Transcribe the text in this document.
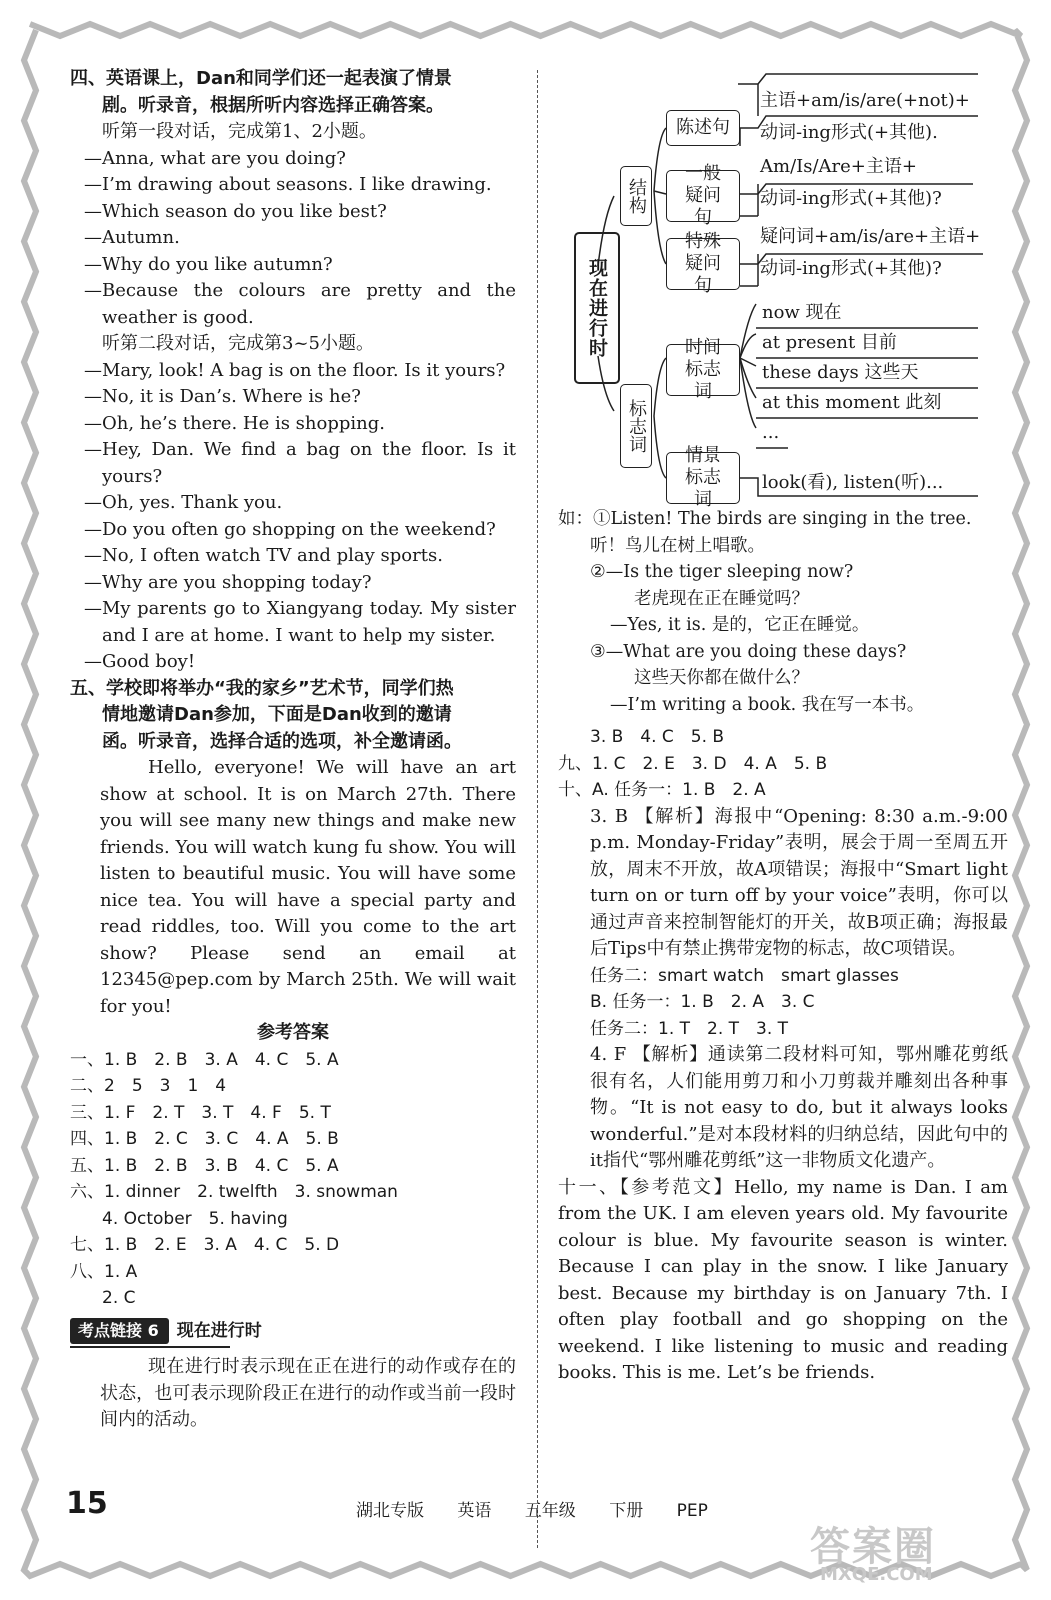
四、英语课上，Dan和同学们还一起表演了情景

剧。听录音，根据所听内容选择正确答案。

听第一段对话，完成第1、2小题。

—Anna, what are you doing?

—I’m drawing about seasons. I like drawing.

—Which season do you like best?

—Autumn.

—Why do you like autumn?

—Because the colours are pretty and the weather is good.

听第二段对话，完成第3~5小题。

—Mary, look! A bag is on the floor. Is it yours?

—No, it is Dan’s. Where is he?

—Oh, he’s there. He is shopping.

—Hey, Dan. We find a bag on the floor. Is it yours?

—Oh, yes. Thank you.

—Do you often go shopping on the weekend?

—No, I often watch TV and play sports.

—Why are you shopping today?

—My parents go to Xiangyang today. My sister and I are at home. I want to help my sister.

—Good boy!

五、学校即将举办“我的家乡”艺术节，同学们热

情地邀请Dan参加，下面是Dan收到的邀请

函。听录音，选择合适的选项，补全邀请函。

Hello, everyone! We will have an art show at school. It is on March 27th. There you will see many new things and make new friends. You will watch kung fu show. You will listen to beautiful music. You will have some nice tea. You will have a special party and read riddles, too. Will you come to the art show? Please send an email at 12345@pep.com by March 25th. We will wait for you!

参考答案

一、1. B　2. B　3. A　4. C　5. A

二、2　5　3　1　4

三、1. F　2. T　3. T　4. F　5. T

四、1. B　2. C　3. C　4. A　5. B

五、1. B　2. B　3. B　4. C　5. A

六、1. dinner　2. twelfth　3. snowman

4. October　5. having

七、1. B　2. E　3. A　4. C　5. D

八、1. A

2. C

考点链接 6	现在进行时

现在进行时表示现在正在进行的动作或存在的状态，也可表示现阶段正在进行的动作或当前一段时间内的活动。

现在进行时
结构
标志词
陈述句
一般疑问句
特殊疑问句
时间标志词
情景标志词
主语+am/is/are(+not)+
动词-ing形式(+其他).
Am/Is/Are+主语+
动词-ing形式(+其他)?
疑问词+am/is/are+主语+
动词-ing形式(+其他)?
now 现在
at present 目前
these days 这些天
at this moment 此刻
...
look(看), listen(听)...

如：①Listen! The birds are singing in the tree.

听！鸟儿在树上唱歌。

②—Is the tiger sleeping now?

老虎现在正在睡觉吗？

—Yes, it is. 是的，它正在睡觉。

③—What are you doing these days?

这些天你都在做什么？

—I’m writing a book. 我在写一本书。

3. B　4. C　5. B

九、1. C　2. E　3. D　4. A　5. B

十、A. 任务一：1. B　2. A

3. B 【解析】海报中“Opening: 8:30 a.m.-9:00 p.m. Monday-Friday”表明，展会于周一至周五开放，周末不开放，故A项错误；海报中“Smart light turn on or turn off by your voice”表明，你可以通过声音来控制智能灯的开关，故B项正确；海报最后Tips中有禁止携带宠物的标志，故C项错误。

任务二：smart watch　smart glasses

B. 任务一：1. B　2. A　3. C

任务二：1. T　2. T　3. T

4. F 【解析】通读第二段材料可知，鄂州雕花剪纸很有名，人们能用剪刀和小刀剪裁并雕刻出各种事物。“It is not easy to do, but it always looks wonderful.”是对本段材料的归纳总结，因此句中的it指代“鄂州雕花剪纸”这一非物质文化遗产。

十一、【参考范文】Hello, my name is Dan. I am from the UK. I am eleven years old. My favourite colour is blue. My favourite season is winter. Because I can play in the snow. I like January best. Because my birthday is on January 7th. I often play football and go shopping on the weekend. I like listening to music and reading books. This is me. Let’s be friends.

15	湖北专版 英语 五年级 下册 PEP
答案圈
MXQE.COM
